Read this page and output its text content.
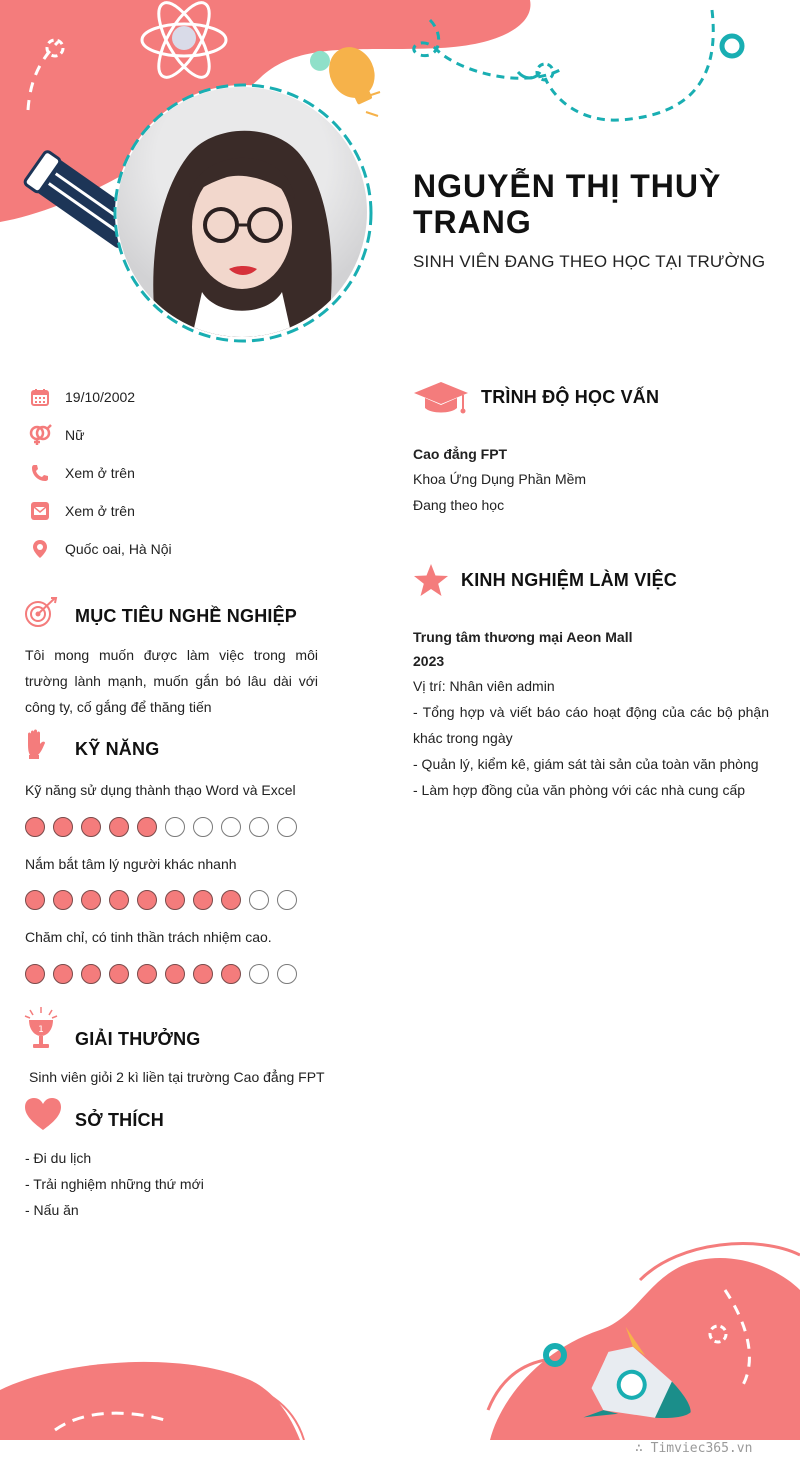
NGUYỄN THỊ THUỲ TRANG
SINH VIÊN ĐANG THEO HỌC TẠI TRƯỜNG
19/10/2002
Nữ
Xem ở trên
Xem ở trên
Quốc oai, Hà Nội
MỤC TIÊU NGHỀ NGHIỆP
Tôi mong muốn được làm việc trong môi trường lành mạnh, muốn gắn bó lâu dài với công ty, cố gắng để thăng tiến
KỸ NĂNG
Kỹ năng sử dụng thành thạo Word và Excel
Nắm bắt tâm lý người khác nhanh
Chăm chỉ, có tinh thần trách nhiệm cao.
1 GIẢI THƯỞNG
Sinh viên giỏi 2 kì liền tại trường Cao đẳng FPT
SỞ THÍCH
- Đi du lịch
- Trải nghiệm những thứ mới
- Nấu ăn
TRÌNH ĐỘ HỌC VẤN
Cao đẳng FPT
Khoa Ứng Dụng Phần Mềm
Đang theo học
KINH NGHIỆM LÀM VIỆC
Trung tâm thương mại Aeon Mall
2023
Vị trí: Nhân viên admin
- Tổng hợp và viết báo cáo hoạt động của các bộ phận khác trong ngày
- Quản lý, kiểm kê, giám sát tài sản của toàn văn phòng
- Làm hợp đồng của văn phòng với các nhà cung cấp
∴ Timviec365.vn
